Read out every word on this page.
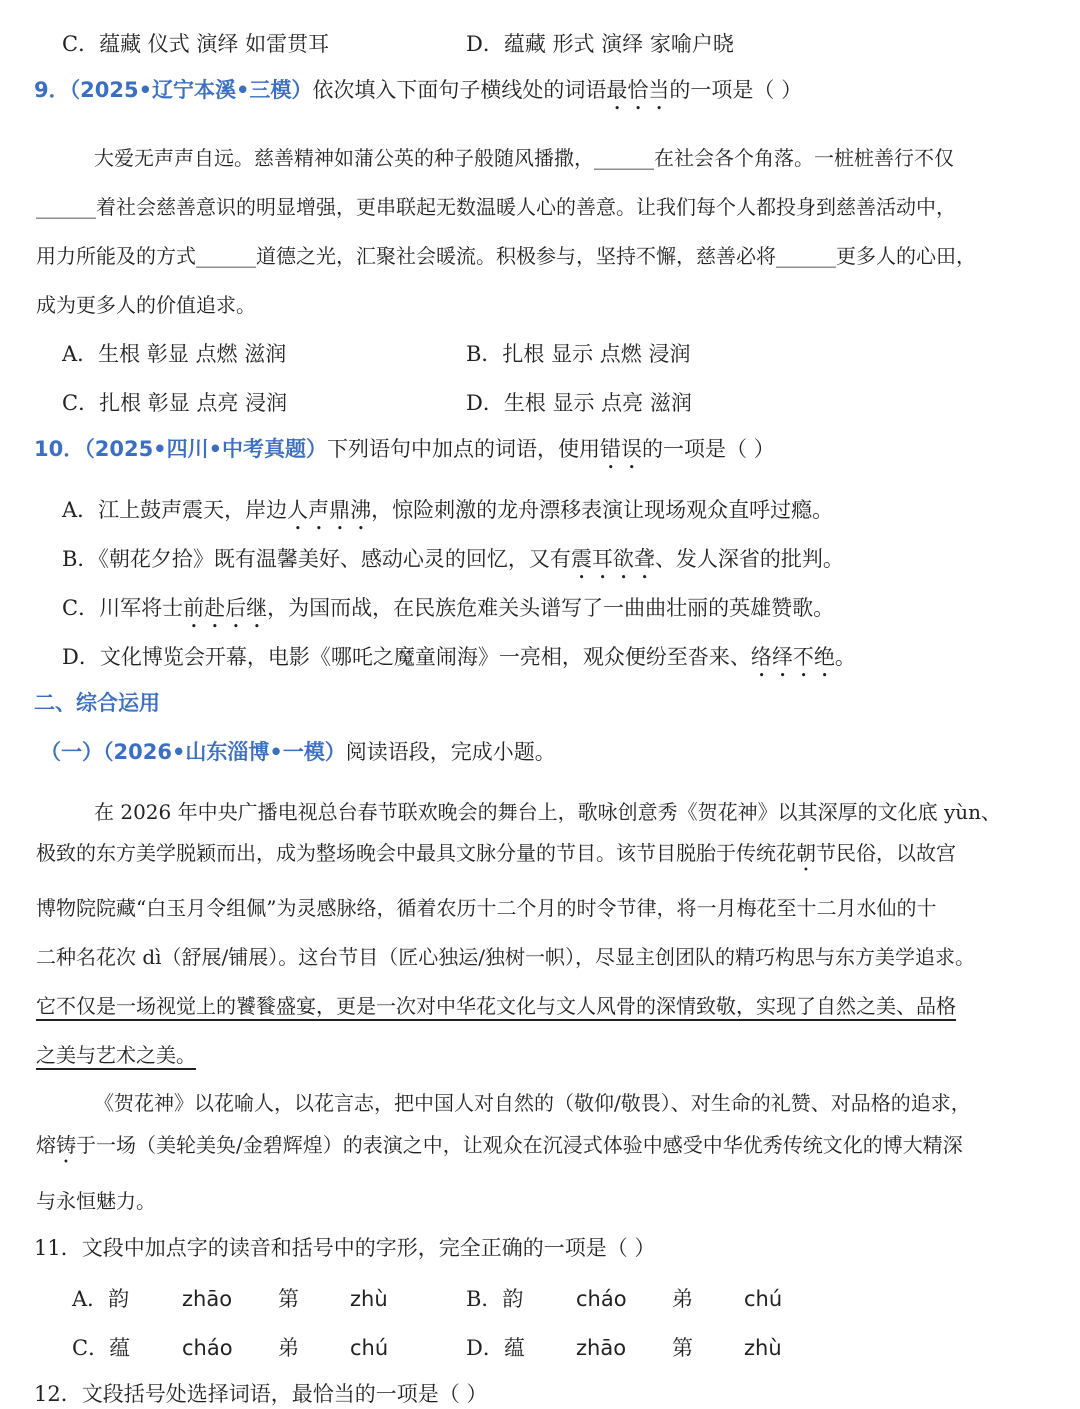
C．蕴藏 仪式 演绎 如雷贯耳	D．蕴藏 形式 演绎 家喻户晓
9．（2025•辽宁本溪•三模）依次填入下面句子横线处的词语最恰当的一项是（ ）
大爱无声声自远。慈善精神如蒲公英的种子般随风播撒，______在社会各个角落。一桩桩善行不仅
______着社会慈善意识的明显增强，更串联起无数温暖人心的善意。让我们每个人都投身到慈善活动中，
用力所能及的方式______道德之光，汇聚社会暖流。积极参与，坚持不懈，慈善必将______更多人的心田，
成为更多人的价值追求。
A．生根 彰显 点燃 滋润	B．扎根 显示 点燃 浸润
C．扎根 彰显 点亮 浸润	D．生根 显示 点亮 滋润
10．（2025•四川•中考真题）下列语句中加点的词语，使用错误的一项是（ ）
A．江上鼓声震天，岸边人声鼎沸，惊险刺激的龙舟漂移表演让现场观众直呼过瘾。
B．《朝花夕拾》既有温馨美好、感动心灵的回忆，又有震耳欲聋、发人深省的批判。
C．川军将士前赴后继，为国而战，在民族危难关头谱写了一曲曲壮丽的英雄赞歌。
D．文化博览会开幕，电影《哪吒之魔童闹海》一亮相，观众便纷至沓来、络绎不绝。
二、综合运用
（一）（2026•山东淄博•一模）阅读语段，完成小题。
在 2026 年中央广播电视总台春节联欢晚会的舞台上，歌咏创意秀《贺花神》以其深厚的文化底 yùn、
极致的东方美学脱颖而出，成为整场晚会中最具文脉分量的节目。该节目脱胎于传统花朝节民俗，以故宫
博物院院藏“白玉月令组佩”为灵感脉络，循着农历十二个月的时令节律，将一月梅花至十二月水仙的十
二种名花次 dì（舒展/铺展）。这台节目（匠心独运/独树一帜），尽显主创团队的精巧构思与东方美学追求。
它不仅是一场视觉上的饕餮盛宴，更是一次对中华花文化与文人风骨的深情致敬，实现了自然之美、品格
之美与艺术之美。
《贺花神》以花喻人，以花言志，把中国人对自然的（敬仰/敬畏）、对生命的礼赞、对品格的追求，
熔铸于一场（美轮美奂/金碧辉煌）的表演之中，让观众在沉浸式体验中感受中华优秀传统文化的博大精深
与永恒魅力。
11．文段中加点字的读音和括号中的字形，完全正确的一项是（ ）
A．韵	zhāo 第 zhù	B．韵	cháo 弟 chú
C．蕴 cháo 弟 chú	D．蕴 zhāo 第 zhù
12．文段括号处选择词语，最恰当的一项是（ ）
